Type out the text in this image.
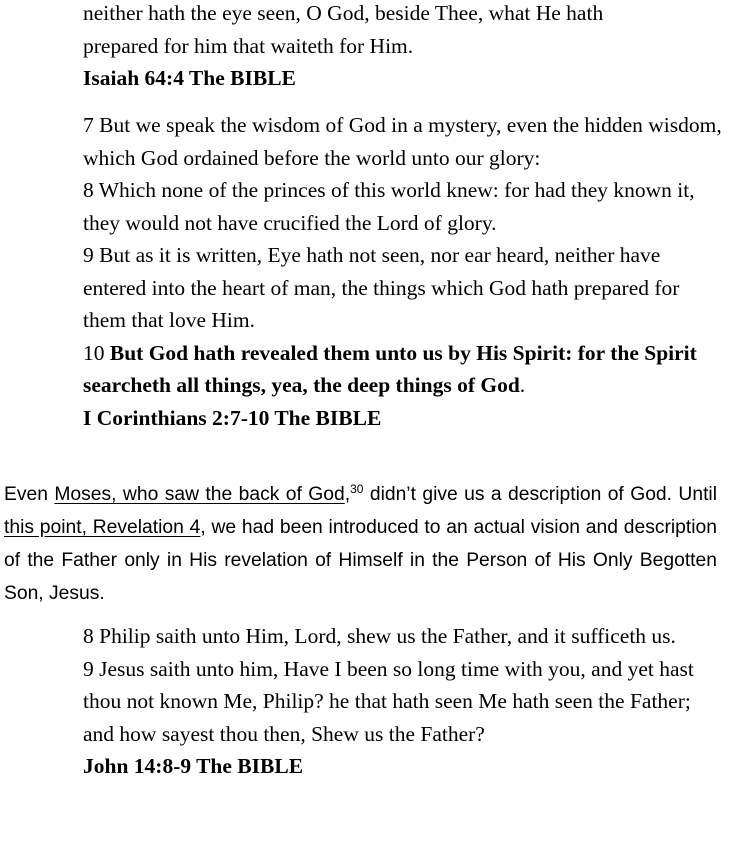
neither hath the eye seen, O God, beside Thee, what He hath

prepared for him that waiteth for Him.

Isaiah 64:4 The BIBLE

7 But we speak the wisdom of God in a mystery, even the hidden wisdom, which God ordained before the world unto our glory:

8 Which none of the princes of this world knew: for had they known it, they would not have crucified the Lord of glory.

9 But as it is written, Eye hath not seen, nor ear heard, neither have entered into the heart of man, the things which God hath prepared for them that love Him.

10 But God hath revealed them unto us by His Spirit: for the Spirit searcheth all things, yea, the deep things of God.

I Corinthians 2:7-10 The BIBLE

Even Moses, who saw the back of God,$^{30}$ didn’t give us a description of God. Until this point, Revelation 4, we had been introduced to an actual vision and description of the Father only in His revelation of Himself in the Person of His Only Begotten Son, Jesus.

8 Philip saith unto Him, Lord, shew us the Father, and it sufficeth us.

9 Jesus saith unto him, Have I been so long time with you, and yet hast thou not known Me, Philip? he that hath seen Me hath seen the Father; and how sayest thou then, Shew us the Father?

John 14:8-9 The BIBLE
